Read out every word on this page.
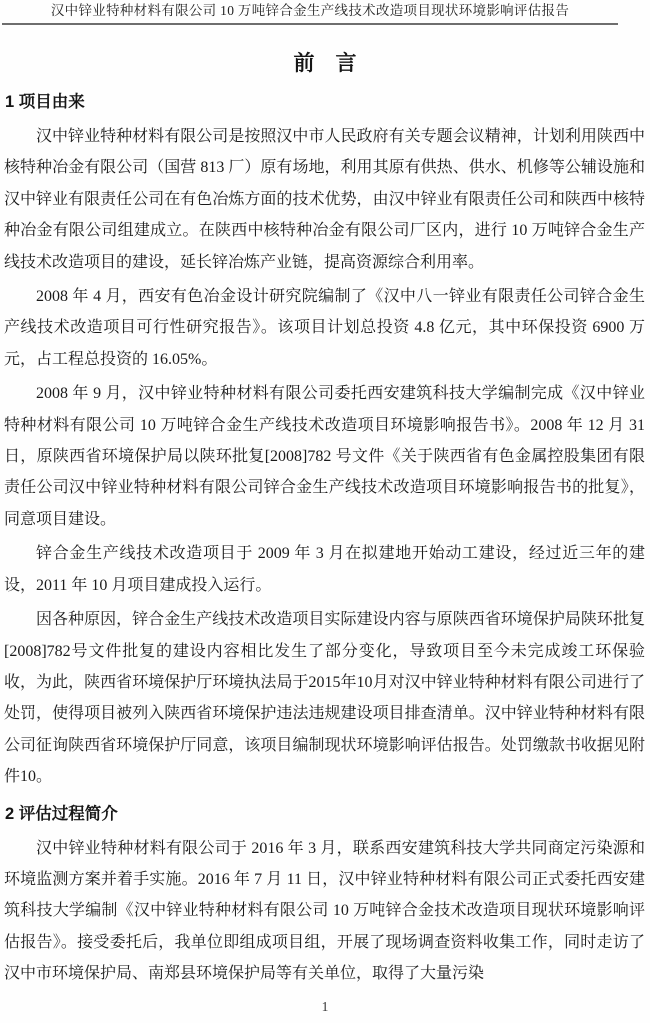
汉中锌业特种材料有限公司 10 万吨锌合金生产线技术改造项目现状环境影响评估报告
前　言
1 项目由来

汉中锌业特种材料有限公司是按照汉中市人民政府有关专题会议精神，计划利用陕西中核特种冶金有限公司（国营 813 厂）原有场地，利用其原有供热、供水、机修等公辅设施和汉中锌业有限责任公司在有色冶炼方面的技术优势，由汉中锌业有限责任公司和陕西中核特种冶金有限公司组建成立。在陕西中核特种冶金有限公司厂区内，进行 10 万吨锌合金生产线技术改造项目的建设，延长锌冶炼产业链，提高资源综合利用率。

2008 年 4 月，西安有色冶金设计研究院编制了《汉中八一锌业有限责任公司锌合金生产线技术改造项目可行性研究报告》。该项目计划总投资 4.8 亿元，其中环保投资 6900 万元，占工程总投资的 16.05%。

2008 年 9 月，汉中锌业特种材料有限公司委托西安建筑科技大学编制完成《汉中锌业特种材料有限公司 10 万吨锌合金生产线技术改造项目环境影响报告书》。2008 年 12 月 31 日，原陕西省环境保护局以陕环批复[2008]782 号文件《关于陕西省有色金属控股集团有限责任公司汉中锌业特种材料有限公司锌合金生产线技术改造项目环境影响报告书的批复》，同意项目建设。

锌合金生产线技术改造项目于 2009 年 3 月在拟建地开始动工建设，经过近三年的建设，2011 年 10 月项目建成投入运行。

因各种原因，锌合金生产线技术改造项目实际建设内容与原陕西省环境保护局陕环批复[2008]782号文件批复的建设内容相比发生了部分变化，导致项目至今未完成竣工环保验收，为此，陕西省环境保护厅环境执法局于2015年10月对汉中锌业特种材料有限公司进行了处罚，使得项目被列入陕西省环境保护违法违规建设项目排查清单。汉中锌业特种材料有限公司征询陕西省环境保护厅同意，该项目编制现状环境影响评估报告。处罚缴款书收据见附件10。

2 评估过程简介

汉中锌业特种材料有限公司于 2016 年 3 月，联系西安建筑科技大学共同商定污染源和环境监测方案并着手实施。2016 年 7 月 11 日，汉中锌业特种材料有限公司正式委托西安建筑科技大学编制《汉中锌业特种材料有限公司 10 万吨锌合金技术改造项目现状环境影响评估报告》。接受委托后，我单位即组成项目组，开展了现场调查资料收集工作，同时走访了汉中市环境保护局、南郑县环境保护局等有关单位，取得了大量污染

1
